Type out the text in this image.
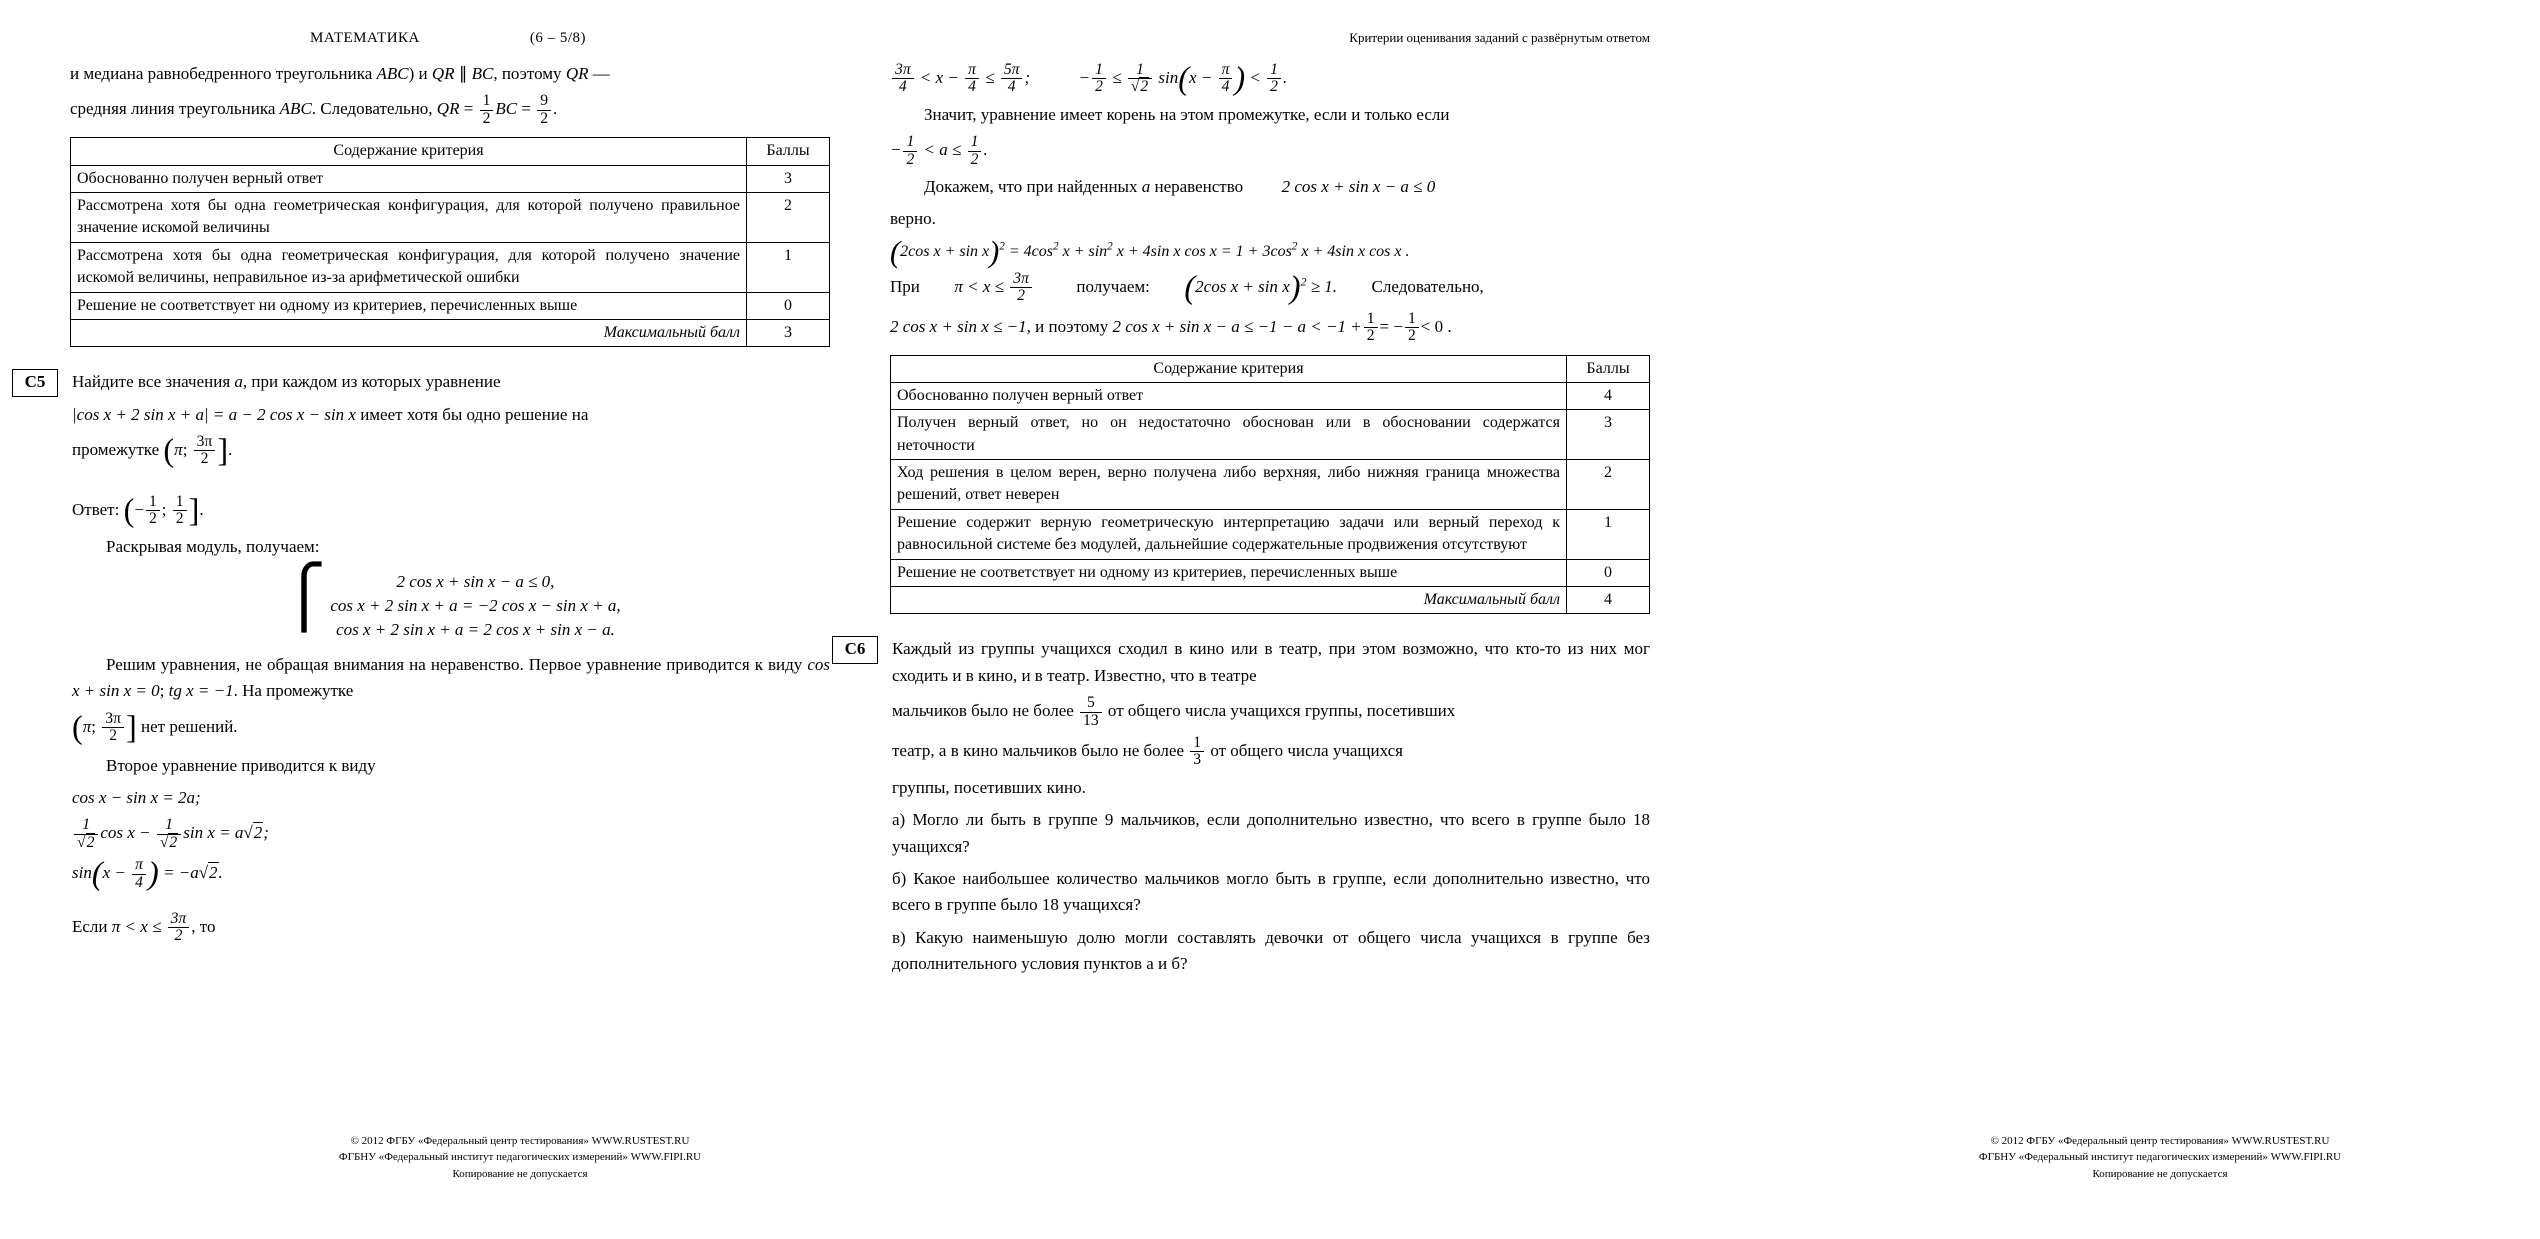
МАТЕМАТИКА	(6 – 5/8)
и медиана равнобедренного треугольника ABC) и QR ∥ BC, поэтому QR —
средняя линия треугольника ABC. Следовательно, QR = $\frac{1}{2}$ BC = $\frac{9}{2}$ .
Содержание критерия	Баллы
Обоснованно получен верный ответ	3
Рассмотрена хотя бы одна геометрическая конфигурация, для которой получено правильное значение искомой величины	2
Рассмотрена хотя бы одна геометрическая конфигурация, для которой получено значение искомой величины, неправильное из-за арифметической ошибки	1
Решение не соответствует ни одному из критериев, перечисленных выше	0
Максимальный балл	3
C5	Найдите все значения a, при каждом из которых уравнение
|cos x + 2 sin x + a| = a − 2 cos x − sin x имеет хотя бы одно решение на
промежутке (π; $\frac{3\pi}{2}$ ].
Ответ: (− $\frac{1}{2}$ ; $\frac{1}{2}$ ].
Раскрывая модуль, получаем:
⎧	2 cos x + sin x − a ≤ 0,
cos x + 2 sin x + a = −2 cos x − sin x + a,
cos x + 2 sin x + a = 2 cos x + sin x − a.
Решим уравнения, не обращая внимания на неравенство. Первое уравнение приводится к виду cos x + sin x = 0; tg x = −1. На промежутке
(π; $\frac{3\pi}{2}$ ] нет решений.
Второе уравнение приводится к виду
cos x − sin x = 2a;
$\frac{1}{√2}$ $\cos x - \frac{1}{√2}$ sin x = a√2;
$\sin(x - \frac{\pi}{4}$ ) = −a√2.
Если $\pi < x \le \frac{3\pi}{2}$ , то
© 2012 ФГБУ «Федеральный центр тестирования» WWW.RUSTEST.RU
ФГБНУ «Федеральный институт педагогических измерений» WWW.FIPI.RU
Копирование не допускается
Критерии оценивания заданий с развёрнутым ответом
$\frac{3\pi}{4} < x - \frac{\pi}{4} \le \frac{5\pi}{4}$ ;	− $\frac{1}{2} \le \frac{1}{√2} \sin(x - \frac{\pi}{4}$ ) < $\frac{1}{2}$ .
Значит, уравнение имеет корень на этом промежутке, если и только если
− $\frac{1}{2} < a \le \frac{1}{2}$ .
Докажем, что при найденных a неравенство 2 cos x + sin x − a ≤ 0
верно.
(2cos $x + \sin x)^2 = 4\cos^2$ $x + \sin^2 x + 4\sin$ x $\cos x = 1 + 3\cos^2$ x + 4sin x cos x .
При $\pi < x \le \frac{3\pi}{2}$	получаем: (2cos x + sin x)$^2$ ≥ 1. Следовательно,
2 cos x + sin x ≤ −1, и поэтому 2 $\cos x + \sin x - a \le -1 - a < -1 + \frac{1}{2}$ = − $\frac{1}{2} < 0$ .
Содержание критерия	Баллы
Обоснованно получен верный ответ	4
Получен верный ответ, но он недостаточно обоснован или в обосновании содержатся неточности	3
Ход решения в целом верен, верно получена либо верхняя, либо нижняя граница множества решений, ответ неверен	2
Решение содержит верную геометрическую интерпретацию задачи или верный переход к равносильной системе без модулей, дальнейшие содержательные продвижения отсутствуют	1
Решение не соответствует ни одному из критериев, перечисленных выше	0
Максимальный балл	4
C6	Каждый из группы учащихся сходил в кино или в театр, при этом возможно, что кто-то из них мог сходить и в кино, и в театр. Известно, что в театре
мальчиков было не более $\frac{5}{13}$ от общего числа учащихся группы, посетивших
театр, а в кино мальчиков было не более $\frac{1}{3}$ от общего числа учащихся
группы, посетивших кино.
а) Могло ли быть в группе 9 мальчиков, если дополнительно известно, что всего в группе было 18 учащихся?
б) Какое наибольшее количество мальчиков могло быть в группе, если дополнительно известно, что всего в группе было 18 учащихся?
в) Какую наименьшую долю могли составлять девочки от общего числа учащихся в группе без дополнительного условия пунктов а и б?
© 2012 ФГБУ «Федеральный центр тестирования» WWW.RUSTEST.RU
ФГБНУ «Федеральный институт педагогических измерений» WWW.FIPI.RU
Копирование не допускается
